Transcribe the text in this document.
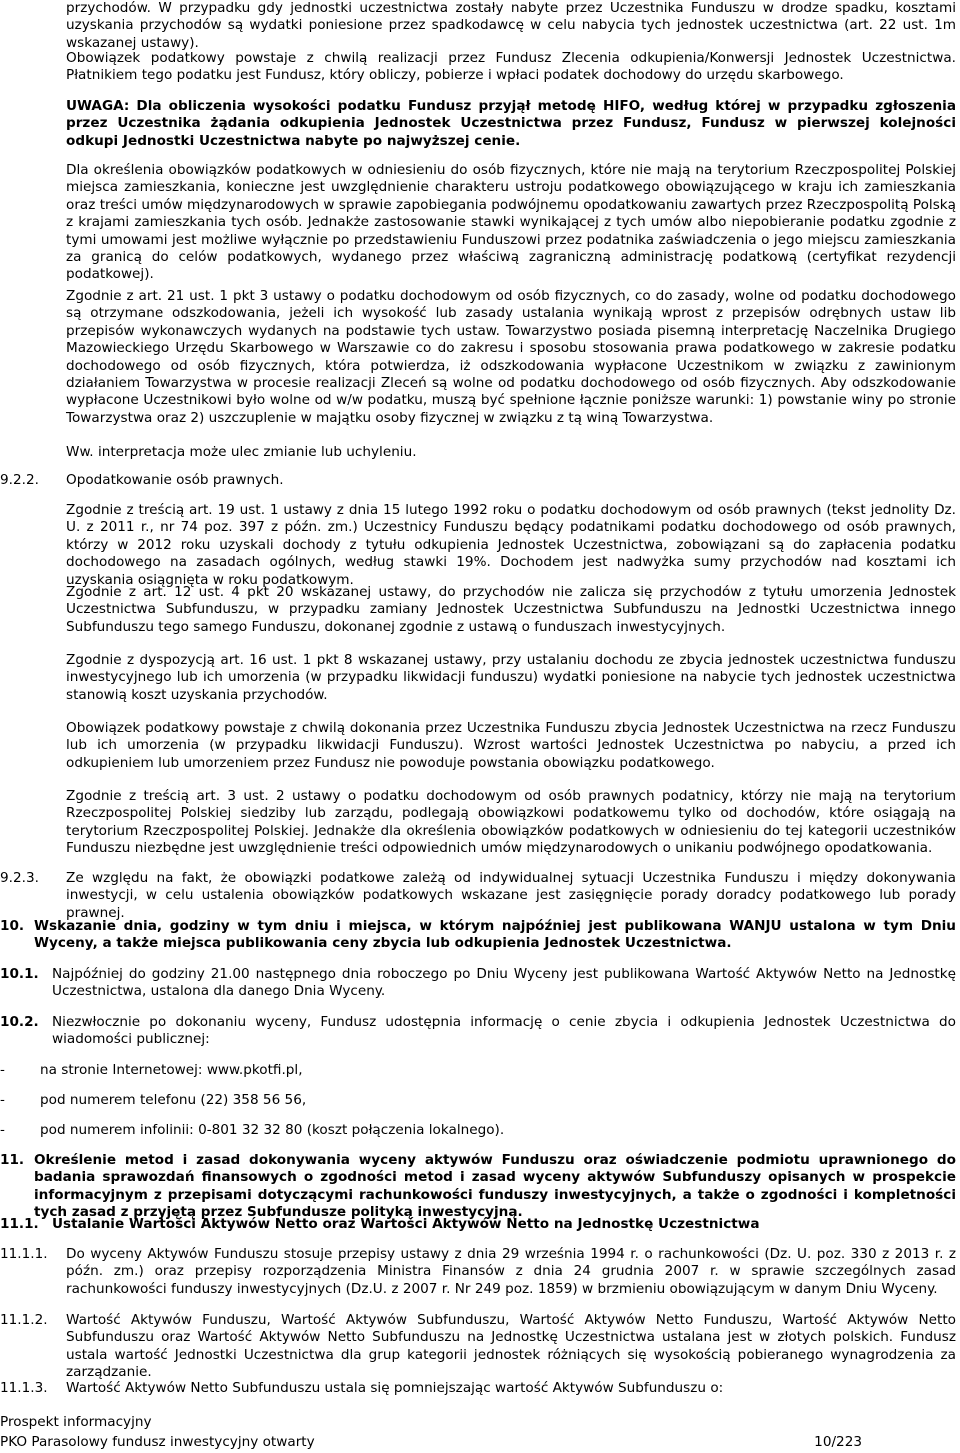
przychodów. W przypadku gdy jednostki uczestnictwa zostały nabyte przez Uczestnika Funduszu w drodze spadku, kosztami uzyskania przychodów są wydatki poniesione przez spadkodawcę w celu nabycia tych jednostek uczestnictwa (art. 22 ust. 1m wskazanej ustawy).
Obowiązek podatkowy powstaje z chwilą realizacji przez Fundusz Zlecenia odkupienia/Konwersji Jednostek Uczestnictwa. Płatnikiem tego podatku jest Fundusz, który obliczy, pobierze i wpłaci podatek dochodowy do urzędu skarbowego.
UWAGA: Dla obliczenia wysokości podatku Fundusz przyjął metodę HIFO, według której w przypadku zgłoszenia przez Uczestnika żądania odkupienia Jednostek Uczestnictwa przez Fundusz, Fundusz w pierwszej kolejności odkupi Jednostki Uczestnictwa nabyte po najwyższej cenie.
Dla określenia obowiązków podatkowych w odniesieniu do osób fizycznych, które nie mają na terytorium Rzeczpospolitej Polskiej miejsca zamieszkania, konieczne jest uwzględnienie charakteru ustroju podatkowego obowiązującego w kraju ich zamieszkania oraz treści umów międzynarodowych w sprawie zapobiegania podwójnemu opodatkowaniu zawartych przez Rzeczpospolitą Polską z krajami zamieszkania tych osób. Jednakże zastosowanie stawki wynikającej z tych umów albo niepobieranie podatku zgodnie z tymi umowami jest możliwe wyłącznie po przedstawieniu Funduszowi przez podatnika zaświadczenia o jego miejscu zamieszkania za granicą do celów podatkowych, wydanego przez właściwą zagraniczną administrację podatkową (certyfikat rezydencji podatkowej).
Zgodnie z art. 21 ust. 1 pkt 3 ustawy o podatku dochodowym od osób fizycznych, co do zasady, wolne od podatku dochodowego są otrzymane odszkodowania, jeżeli ich wysokość lub zasady ustalania wynikają wprost z przepisów odrębnych ustaw lib przepisów wykonawczych wydanych na podstawie tych ustaw. Towarzystwo posiada pisemną interpretację Naczelnika Drugiego Mazowieckiego Urzędu Skarbowego w Warszawie co do zakresu i sposobu stosowania prawa podatkowego w zakresie podatku dochodowego od osób fizycznych, która potwierdza, iż odszkodowania wypłacone Uczestnikom w związku z zawinionym działaniem Towarzystwa w procesie realizacji Zleceń są wolne od podatku dochodowego od osób fizycznych. Aby odszkodowanie wypłacone Uczestnikowi było wolne od w/w podatku, muszą być spełnione łącznie poniższe warunki: 1) powstanie winy po stronie Towarzystwa oraz 2) uszczuplenie w majątku osoby fizycznej w związku z tą winą Towarzystwa.
Ww. interpretacja może ulec zmianie lub uchyleniu.
9.2.2. Opodatkowanie osób prawnych.
Zgodnie z treścią art. 19 ust. 1 ustawy z dnia 15 lutego 1992 roku o podatku dochodowym od osób prawnych (tekst jednolity Dz. U. z 2011 r., nr 74 poz. 397 z późn. zm.) Uczestnicy Funduszu będący podatnikami podatku dochodowego od osób prawnych, którzy w 2012 roku uzyskali dochody z tytułu odkupienia Jednostek Uczestnictwa, zobowiązani są do zapłacenia podatku dochodowego na zasadach ogólnych, według stawki 19%. Dochodem jest nadwyżka sumy przychodów nad kosztami ich uzyskania osiągnięta w roku podatkowym.
Zgodnie z art. 12 ust. 4 pkt 20 wskazanej ustawy, do przychodów nie zalicza się przychodów z tytułu umorzenia Jednostek Uczestnictwa Subfunduszu, w przypadku zamiany Jednostek Uczestnictwa Subfunduszu na Jednostki Uczestnictwa innego Subfunduszu tego samego Funduszu, dokonanej zgodnie z ustawą o funduszach inwestycyjnych.
Zgodnie z dyspozycją art. 16 ust. 1 pkt 8 wskazanej ustawy, przy ustalaniu dochodu ze zbycia jednostek uczestnictwa funduszu inwestycyjnego lub ich umorzenia (w przypadku likwidacji funduszu) wydatki poniesione na nabycie tych jednostek uczestnictwa stanowią koszt uzyskania przychodów.
Obowiązek podatkowy powstaje z chwilą dokonania przez Uczestnika Funduszu zbycia Jednostek Uczestnictwa na rzecz Funduszu lub ich umorzenia (w przypadku likwidacji Funduszu). Wzrost wartości Jednostek Uczestnictwa po nabyciu, a przed ich odkupieniem lub umorzeniem przez Fundusz nie powoduje powstania obowiązku podatkowego.
Zgodnie z treścią art. 3 ust. 2 ustawy o podatku dochodowym od osób prawnych podatnicy, którzy nie mają na terytorium Rzeczpospolitej Polskiej siedziby lub zarządu, podlegają obowiązkowi podatkowemu tylko od dochodów, które osiągają na terytorium Rzeczpospolitej Polskiej. Jednakże dla określenia obowiązków podatkowych w odniesieniu do tej kategorii uczestników Funduszu niezbędne jest uwzględnienie treści odpowiednich umów międzynarodowych o unikaniu podwójnego opodatkowania.
9.2.3. Ze względu na fakt, że obowiązki podatkowe zależą od indywidualnej sytuacji Uczestnika Funduszu i między dokonywania inwestycji, w celu ustalenia obowiązków podatkowych wskazane jest zasięgnięcie porady doradcy podatkowego lub porady prawnej.
10. Wskazanie dnia, godziny w tym dniu i miejsca, w którym najpóźniej jest publikowana WANJU ustalona w tym Dniu Wyceny, a także miejsca publikowania ceny zbycia lub odkupienia Jednostek Uczestnictwa.
10.1. Najpóźniej do godziny 21.00 następnego dnia roboczego po Dniu Wyceny jest publikowana Wartość Aktywów Netto na Jednostkę Uczestnictwa, ustalona dla danego Dnia Wyceny.
10.2. Niezwłocznie po dokonaniu wyceny, Fundusz udostępnia informację o cenie zbycia i odkupienia Jednostek Uczestnictwa do wiadomości publicznej:
-	na stronie Internetowej: www.pkotfi.pl,
-	pod numerem telefonu (22) 358 56 56,
-	pod numerem infolinii: 0-801 32 32 80 (koszt połączenia lokalnego).
11. Określenie metod i zasad dokonywania wyceny aktywów Funduszu oraz oświadczenie podmiotu uprawnionego do badania sprawozdań finansowych o zgodności metod i zasad wyceny aktywów Subfunduszy opisanych w prospekcie informacyjnym z przepisami dotyczącymi rachunkowości funduszy inwestycyjnych, a także o zgodności i kompletności tych zasad z przyjętą przez Subfundusze polityką inwestycyjną.
11.1. Ustalanie Wartości Aktywów Netto oraz Wartości Aktywów Netto na Jednostkę Uczestnictwa
11.1.1. Do wyceny Aktywów Funduszu stosuje przepisy ustawy z dnia 29 września 1994 r. o rachunkowości (Dz. U. poz. 330 z 2013 r. z późn. zm.) oraz przepisy rozporządzenia Ministra Finansów z dnia 24 grudnia 2007 r. w sprawie szczególnych zasad rachunkowości funduszy inwestycyjnych (Dz.U. z 2007 r. Nr 249 poz. 1859) w brzmieniu obowiązującym w danym Dniu Wyceny.
11.1.2. Wartość Aktywów Funduszu, Wartość Aktywów Subfunduszu, Wartość Aktywów Netto Funduszu, Wartość Aktywów Netto Subfunduszu oraz Wartość Aktywów Netto Subfunduszu na Jednostkę Uczestnictwa ustalana jest w złotych polskich. Fundusz ustala wartość Jednostki Uczestnictwa dla grup kategorii jednostek różniących się wysokością pobieranego wynagrodzenia za zarządzanie.
11.1.3. Wartość Aktywów Netto Subfunduszu ustala się pomniejszając wartość Aktywów Subfunduszu o:
Prospekt informacyjny
PKO Parasolowy fundusz inwestycyjny otwarty	10/223
